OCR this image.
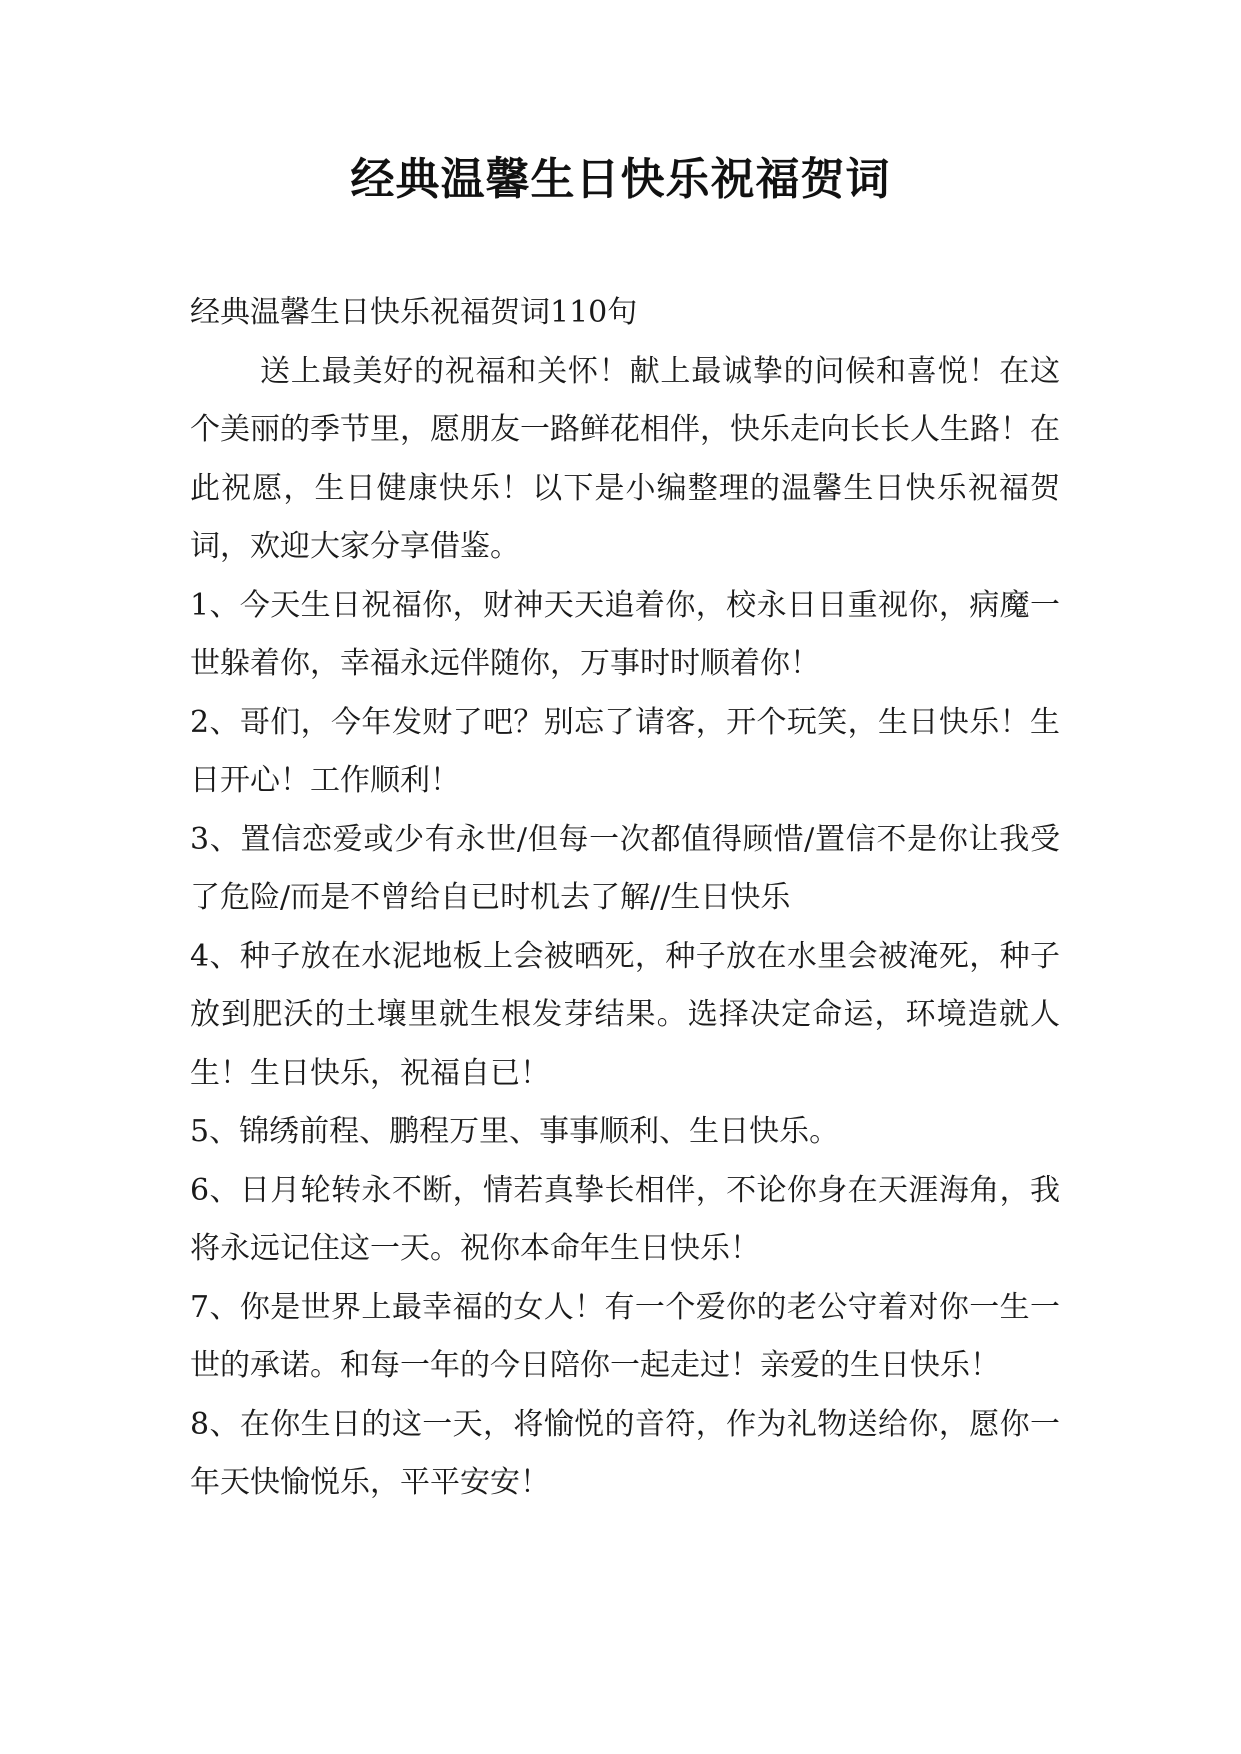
经典温馨生日快乐祝福贺词

经典温馨生日快乐祝福贺词110句

送上最美好的祝福和关怀！献上最诚挚的问候和喜悦！在这个美丽的季节里，愿朋友一路鲜花相伴，快乐走向长长人生路！在此祝愿，生日健康快乐！以下是小编整理的温馨生日快乐祝福贺词，欢迎大家分享借鉴。

1、今天生日祝福你，财神天天追着你，校永日日重视你，病魔一世躲着你，幸福永远伴随你，万事时时顺着你！

2、哥们，今年发财了吧？别忘了请客，开个玩笑，生日快乐！生日开心！工作顺利！

3、置信恋爱或少有永世/但每一次都值得顾惜/置信不是你让我受了危险/而是不曾给自已时机去了解//生日快乐

4、种子放在水泥地板上会被晒死，种子放在水里会被淹死，种子放到肥沃的土壤里就生根发芽结果。选择决定命运，环境造就人生！生日快乐，祝福自已！

5、锦绣前程、鹏程万里、事事顺利、生日快乐。

6、日月轮转永不断，情若真挚长相伴，不论你身在天涯海角，我将永远记住这一天。祝你本命年生日快乐！

7、你是世界上最幸福的女人！有一个爱你的老公守着对你一生一世的承诺。和每一年的今日陪你一起走过！亲爱的生日快乐！

8、在你生日的这一天，将愉悦的音符，作为礼物送给你，愿你一年天快愉悦乐，平平安安！
